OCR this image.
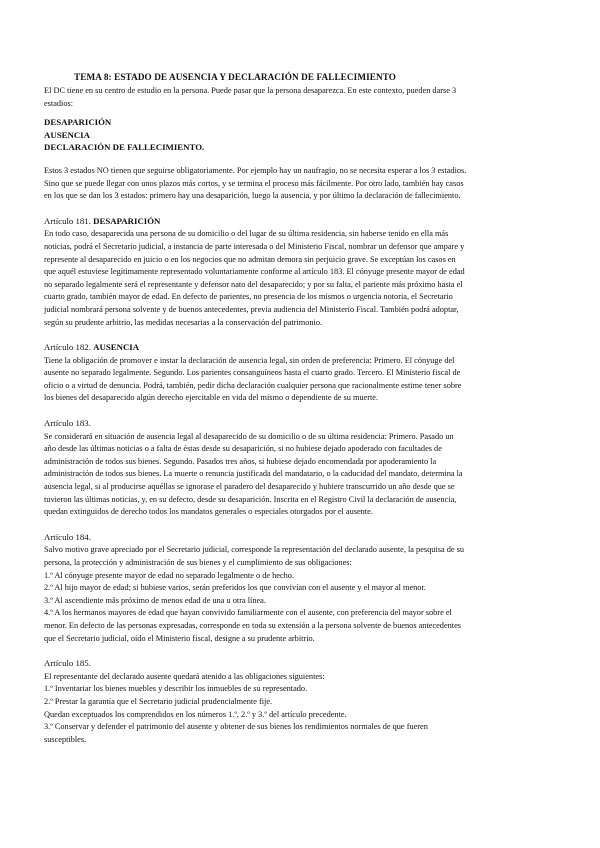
TEMA 8: ESTADO DE AUSENCIA Y DECLARACIÓN DE FALLECIMIENTO
El DC tiene en su centro de estudio en la persona. Puede pasar que la persona desaparezca. En este contexto, pueden darse 3
estadios:
DESAPARICIÓN
AUSENCIA
DECLARACIÓN DE FALLECIMIENTO.
Estos 3 estados NO tienen que seguirse obligatoriamente. Por ejemplo hay un naufragio, no se necesita esperar a los 3 estadios.
Sino que se puede llegar con unos plazos más cortos, y se termina el proceso más fácilmente. Por otro lado, también hay casos
en los que se dan los 3 estados: primero hay una desaparición, luego la ausencia, y por último la declaración de fallecimiento.
Artículo 181. DESAPARICIÓN
En todo caso, desaparecida una persona de su domicilio o del lugar de su última residencia, sin haberse tenido en ella más
noticias, podrá el Secretario judicial, a instancia de parte interesada o del Ministerio Fiscal, nombrar un defensor que ampare y
represente al desaparecido en juicio o en los negocios que no admitan demora sin perjuicio grave. Se exceptúan los casos en
que aquél estuviese legítimamente representado voluntariamente conforme al artículo 183. El cónyuge presente mayor de edad
no separado legalmente será el representante y defensor nato del desaparecido; y por su falta, el pariente más próximo hasta el
cuarto grado, también mayor de edad. En defecto de parientes, no presencia de los mismos o urgencia notoria, el Secretario
judicial nombrará persona solvente y de buenos antecedentes, previa audiencia del Ministerio Fiscal. También podrá adoptar,
según su prudente arbitrio, las medidas necesarias a la conservación del patrimonio.
Artículo 182. AUSENCIA
Tiene la obligación de promover e instar la declaración de ausencia legal, sin orden de preferencia: Primero. El cónyuge del
ausente no separado legalmente. Segundo. Los parientes consanguíneos hasta el cuarto grado. Tercero. El Ministerio fiscal de
oficio o a virtud de denuncia. Podrá, también, pedir dicha declaración cualquier persona que racionalmente estime tener sobre
los bienes del desaparecido algún derecho ejercitable en vida del mismo o dependiente de su muerte.
Artículo 183.
Se considerará en situación de ausencia legal al desaparecido de su domicilio o de su última residencia: Primero. Pasado un
año desde las últimas noticias o a falta de éstas desde su desaparición, si no hubiese dejado apoderado con facultades de
administración de todos sus bienes. Segundo. Pasados tres años, si hubiese dejado encomendada por apoderamiento la
administración de todos sus bienes. La muerte o renuncia justificada del mandatario, o la caducidad del mandato, determina la
ausencia legal, si al producirse aquéllas se ignorase el paradero del desaparecido y hubiere transcurrido un año desde que se
tuvieron las últimas noticias, y, en su defecto, desde su desaparición. Inscrita en el Registro Civil la declaración de ausencia,
quedan extinguidos de derecho todos los mandatos generales o especiales otorgados por el ausente.
Artículo 184.
Salvo motivo grave apreciado por el Secretario judicial, corresponde la representación del declarado ausente, la pesquisa de su
persona, la protección y administración de sus bienes y el cumplimiento de sus obligaciones:
1.º Al cónyuge presente mayor de edad no separado legalmente o de hecho.
2.º Al hijo mayor de edad; si hubiese varios, serán preferidos los que convivían con el ausente y el mayor al menor.
3.º Al ascendiente más próximo de menos edad de una u otra línea.
4.º A los hermanos mayores de edad que hayan convivido familiarmente con el ausente, con preferencia del mayor sobre el
menor. En defecto de las personas expresadas, corresponde en toda su extensión a la persona solvente de buenos antecedentes
que el Secretario judicial, oído el Ministerio fiscal, designe a su prudente arbitrio.
Artículo 185.
El representante del declarado ausente quedará atenido a las obligaciones siguientes:
1.º Inventariar los bienes muebles y describir los inmuebles de su representado.
2.º Prestar la garantía que el Secretario judicial prudencialmente fije.
Quedan exceptuados los comprendidos en los números 1.º, 2.º y 3.º del artículo precedente.
3.º Conservar y defender el patrimonio del ausente y obtener de sus bienes los rendimientos normales de que fueren
susceptibles.
